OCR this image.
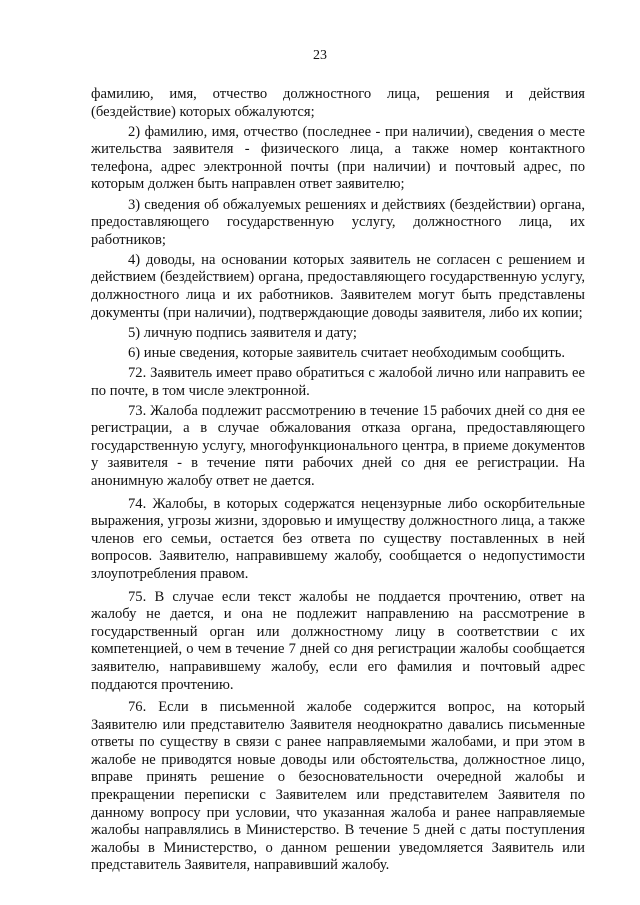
23

фамилию, имя, отчество должностного лица, решения и действия (бездействие) которых обжалуются;

2) фамилию, имя, отчество (последнее - при наличии), сведения о месте жительства заявителя - физического лица, а также номер контактного телефона, адрес электронной почты (при наличии) и почтовый адрес, по которым должен быть направлен ответ заявителю;

3) сведения об обжалуемых решениях и действиях (бездействии) органа, предоставляющего государственную услугу, должностного лица, их работников;

4) доводы, на основании которых заявитель не согласен с решением и действием (бездействием) органа, предоставляющего государственную услугу, должностного лица и их работников. Заявителем могут быть представлены документы (при наличии), подтверждающие доводы заявителя, либо их копии;

5) личную подпись заявителя и дату;

6) иные сведения, которые заявитель считает необходимым сообщить.

72. Заявитель имеет право обратиться с жалобой лично или направить ее по почте, в том числе электронной.

73. Жалоба подлежит рассмотрению в течение 15 рабочих дней со дня ее регистрации, а в случае обжалования отказа органа, предоставляющего государственную услугу, многофункционального центра, в приеме документов у заявителя - в течение пяти рабочих дней со дня ее регистрации. На анонимную жалобу ответ не дается.

74. Жалобы, в которых содержатся нецензурные либо оскорбительные выражения, угрозы жизни, здоровью и имуществу должностного лица, а также членов его семьи, остается без ответа по существу поставленных в ней вопросов. Заявителю, направившему жалобу, сообщается о недопустимости злоупотребления правом.

75. В случае если текст жалобы не поддается прочтению, ответ на жалобу не дается, и она не подлежит направлению на рассмотрение в государственный орган или должностному лицу в соответствии с их компетенцией, о чем в течение 7 дней со дня регистрации жалобы сообщается заявителю, направившему жалобу, если его фамилия и почтовый адрес поддаются прочтению.

76. Если в письменной жалобе содержится вопрос, на который Заявителю или представителю Заявителя неоднократно давались письменные ответы по существу в связи с ранее направляемыми жалобами, и при этом в жалобе не приводятся новые доводы или обстоятельства, должностное лицо, вправе принять решение о безосновательности очередной жалобы и прекращении переписки с Заявителем или представителем Заявителя по данному вопросу при условии, что указанная жалоба и ранее направляемые жалобы направлялись в Министерство. В течение 5 дней с даты поступления жалобы в Министерство, о данном решении уведомляется Заявитель или представитель Заявителя, направивший жалобу.
